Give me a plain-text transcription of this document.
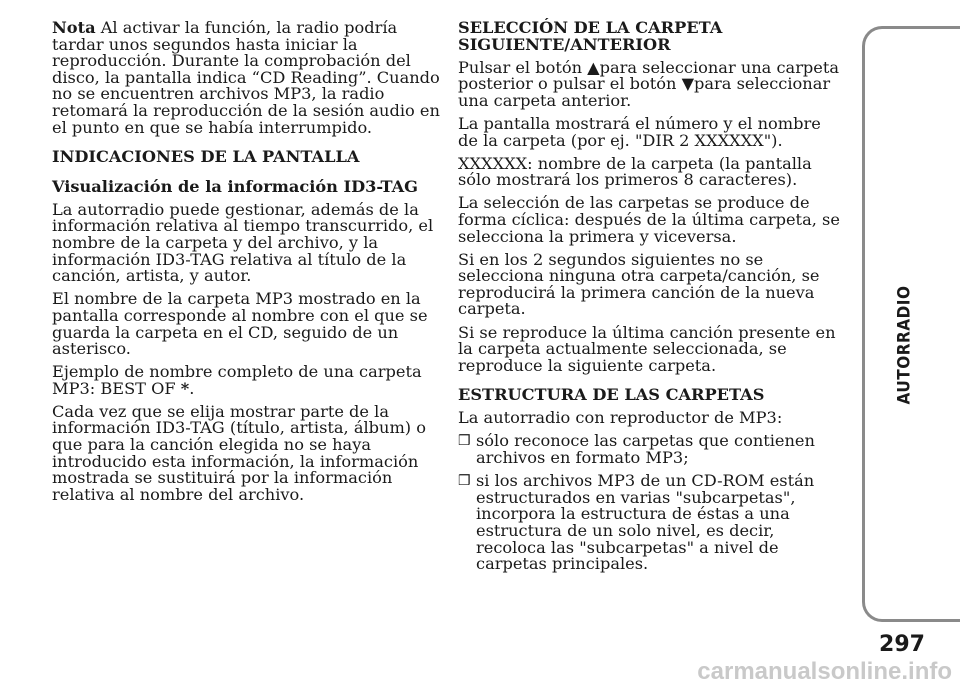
Nota Al activar la función, la radio podría tardar unos segundos hasta iniciar la reproducción. Durante la comprobación del disco, la pantalla indica “CD Reading”. Cuando no se encuentren archivos MP3, la radio retomará la reproducción de la sesión audio en el punto en que se había interrumpido.

INDICACIONES DE LA PANTALLA
Visualización de la información ID3-TAG

La autorradio puede gestionar, además de la información relativa al tiempo transcurrido, el nombre de la carpeta y del archivo, y la información ID3-TAG relativa al título de la canción, artista, y autor.

El nombre de la carpeta MP3 mostrado en la pantalla corresponde al nombre con el que se guarda la carpeta en el CD, seguido de un asterisco.

Ejemplo de nombre completo de una carpeta MP3: BEST OF *.

Cada vez que se elija mostrar parte de la información ID3-TAG (título, artista, álbum) o que para la canción elegida no se haya introducido esta información, la información mostrada se sustituirá por la información relativa al nombre del archivo.

SELECCIÓN DE LA CARPETA SIGUIENTE/ANTERIOR

Pulsar el botón ▲para seleccionar una carpeta posterior o pulsar el botón ▼para seleccionar una carpeta anterior.

La pantalla mostrará el número y el nombre de la carpeta (por ej. "DIR 2 XXXXXX").

XXXXXX: nombre de la carpeta (la pantalla sólo mostrará los primeros 8 caracteres).

La selección de las carpetas se produce de forma cíclica: después de la última carpeta, se selecciona la primera y viceversa.

Si en los 2 segundos siguientes no se selecciona ninguna otra carpeta/canción, se reproducirá la primera canción de la nueva carpeta.

Si se reproduce la última canción presente en la carpeta actualmente seleccionada, se reproduce la siguiente carpeta.

ESTRUCTURA DE LAS CARPETAS

La autorradio con reproductor de MP3:

❒ sólo reconoce las carpetas que contienen archivos en formato MP3;
❒ si los archivos MP3 de un CD-ROM están estructurados en varias "subcarpetas", incorpora la estructura de éstas a una estructura de un solo nivel, es decir, recoloca las "subcarpetas" a nivel de carpetas principales.
AUTORRADIO
297
carmanualsonline.info
